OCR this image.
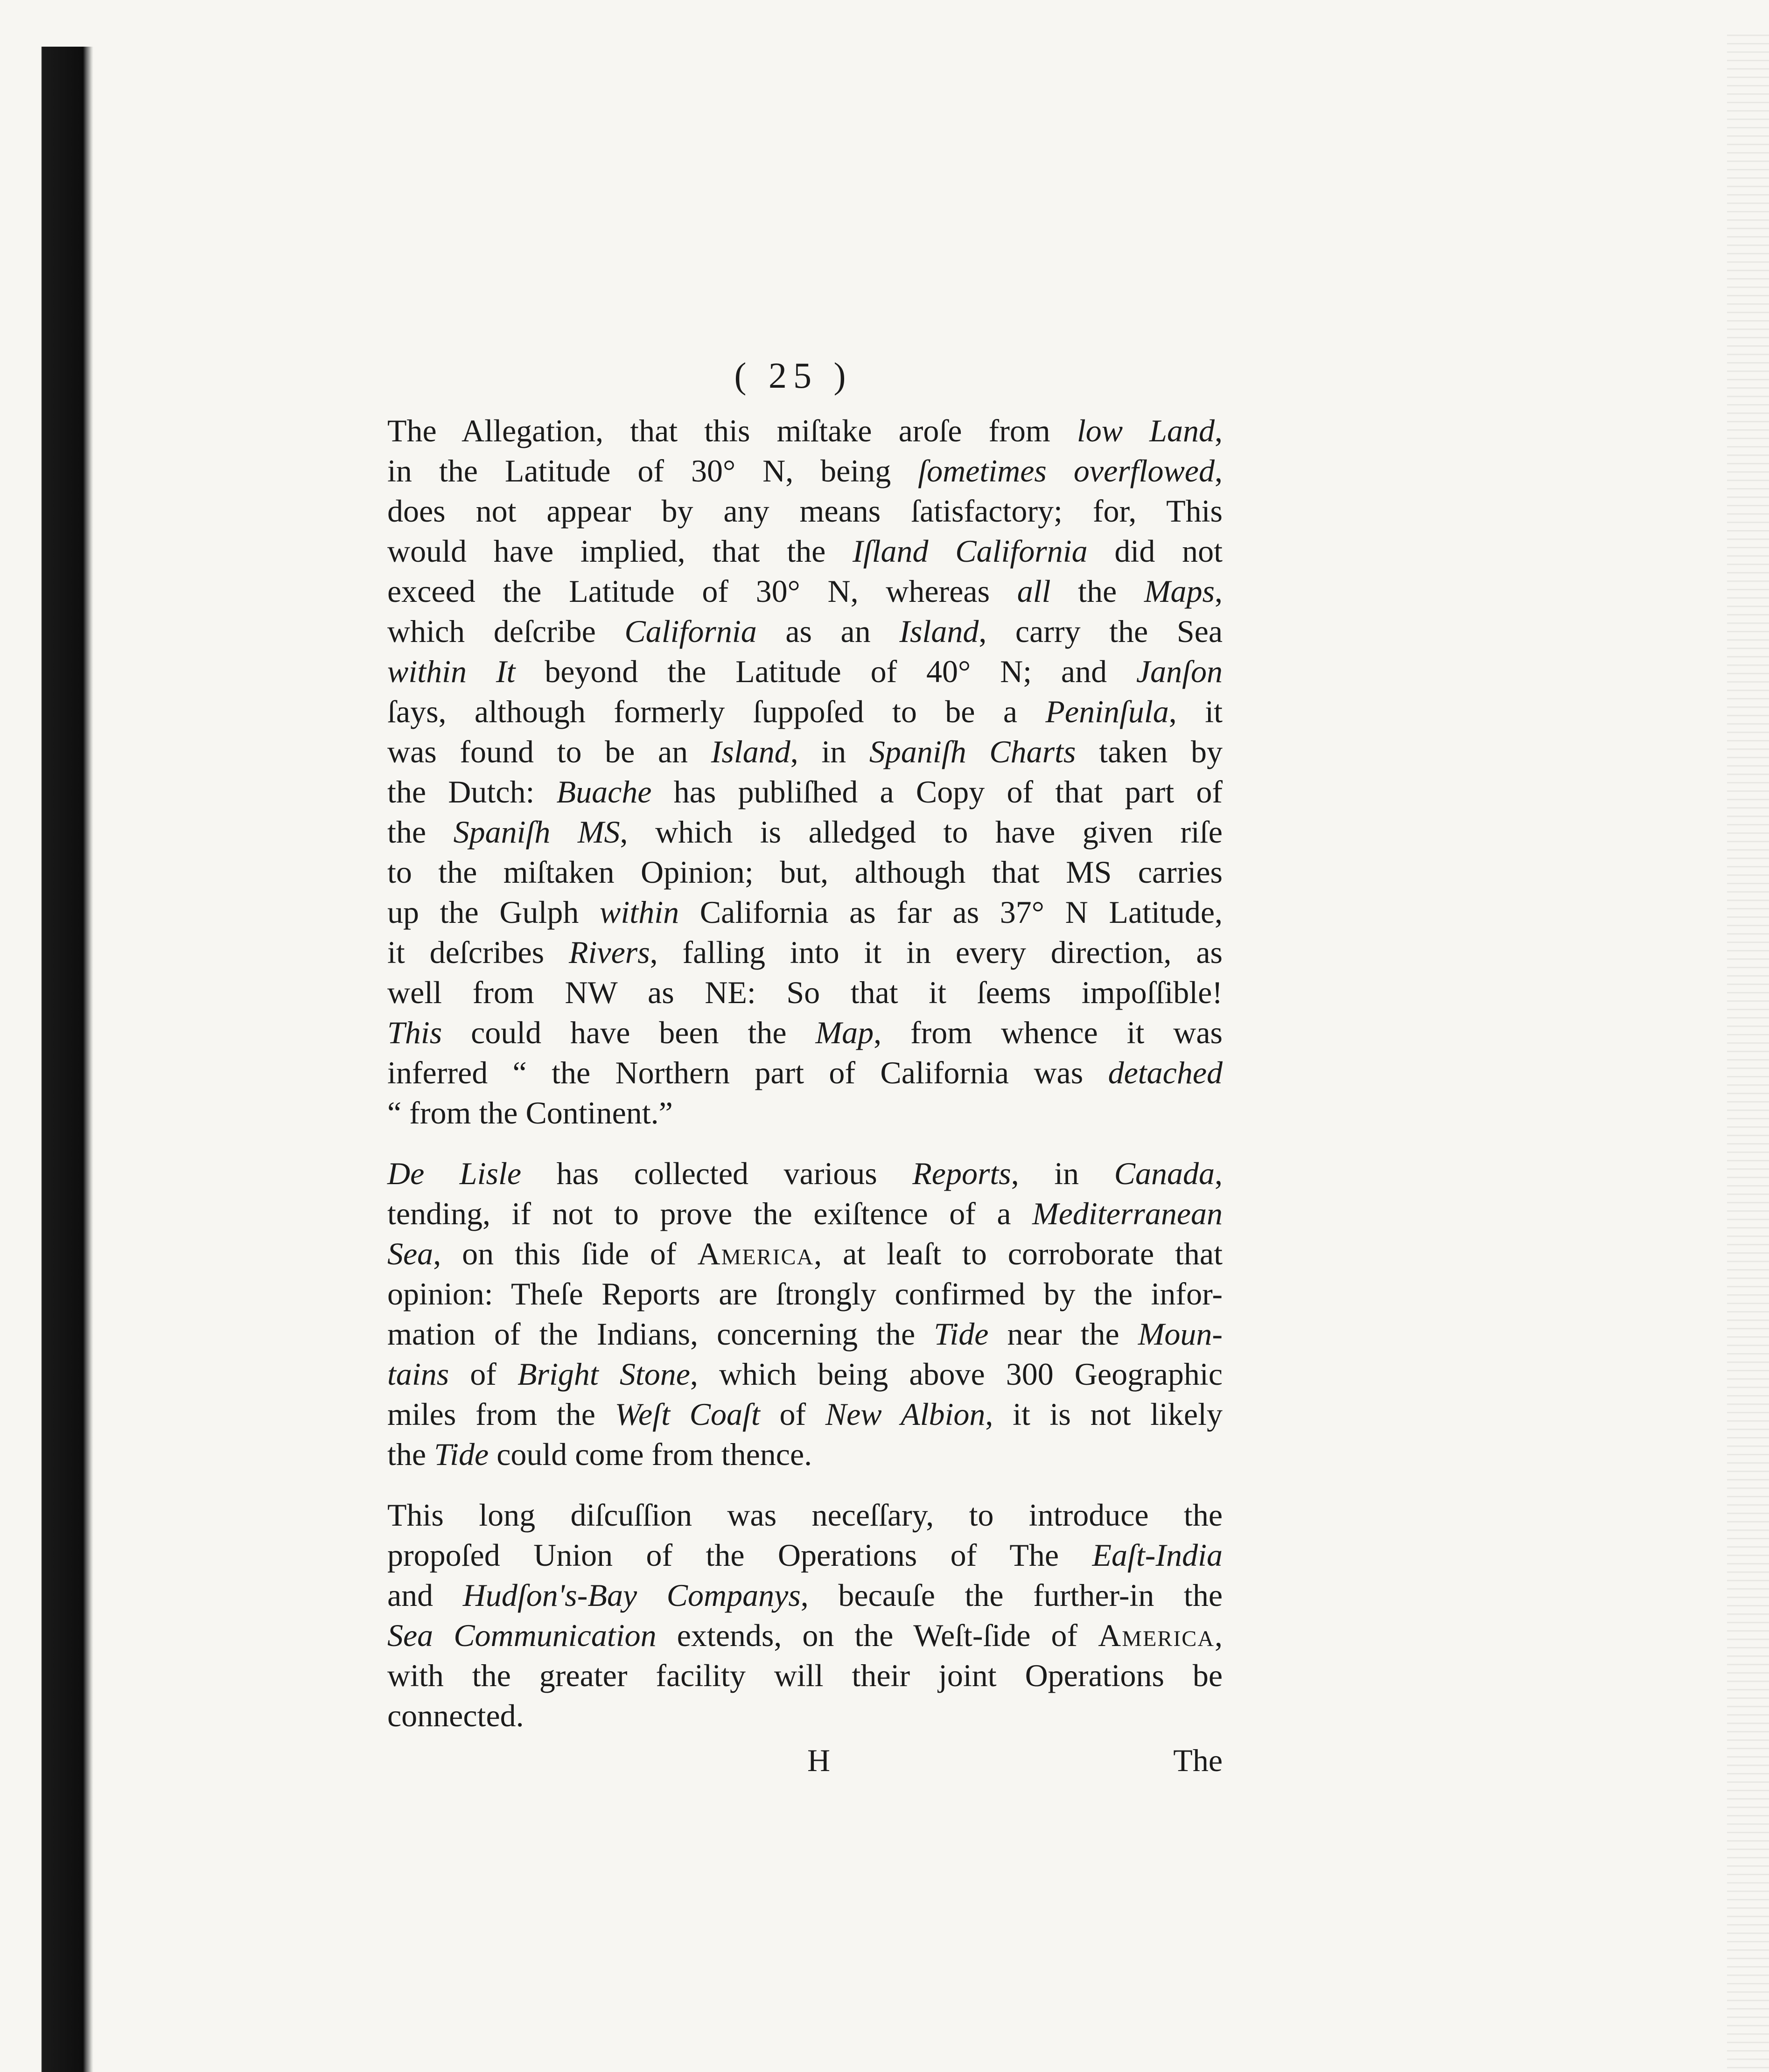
( 25 )
The Allegation, that this miſtake aroſe from low Land,
in the Latitude of 30° N, being ſometimes overflowed,
does not appear by any means ſatisfactory; for, This
would have implied, that the Iſland California did not
exceed the Latitude of 30° N, whereas all the Maps,
which deſcribe California as an Island, carry the Sea
within It beyond the Latitude of 40° N; and Janſon
ſays, although formerly ſuppoſed to be a Peninſula, it
was found to be an Island, in Spaniſh Charts taken by
the Dutch: Buache has publiſhed a Copy of that part of
the Spaniſh MS, which is alledged to have given riſe
to the miſtaken Opinion; but, although that MS carries
up the Gulph within California as far as 37° N Latitude,
it deſcribes Rivers, falling into it in every direction, as
well from NW as NE: So that it ſeems impoſſible!
This could have been the Map, from whence it was
inferred “ the Northern part of California was detached
“ from the Continent.”
De Lisle has collected various Reports, in Canada,
tending, if not to prove the exiſtence of a Mediterranean
Sea, on this ſide of America, at leaſt to corroborate that
opinion: Theſe Reports are ſtrongly confirmed by the infor-
mation of the Indians, concerning the Tide near the Moun-
tains of Bright Stone, which being above 300 Geographic
miles from the Weſt Coaſt of New Albion, it is not likely
the Tide could come from thence.
This long diſcuſſion was neceſſary, to introduce the
propoſed Union of the Operations of The Eaſt-India
and Hudſon's-Bay Companys, becauſe the further-in the
Sea Communication extends, on the Weſt-ſide of America,
with the greater facility will their joint Operations be
connected.
H	The
